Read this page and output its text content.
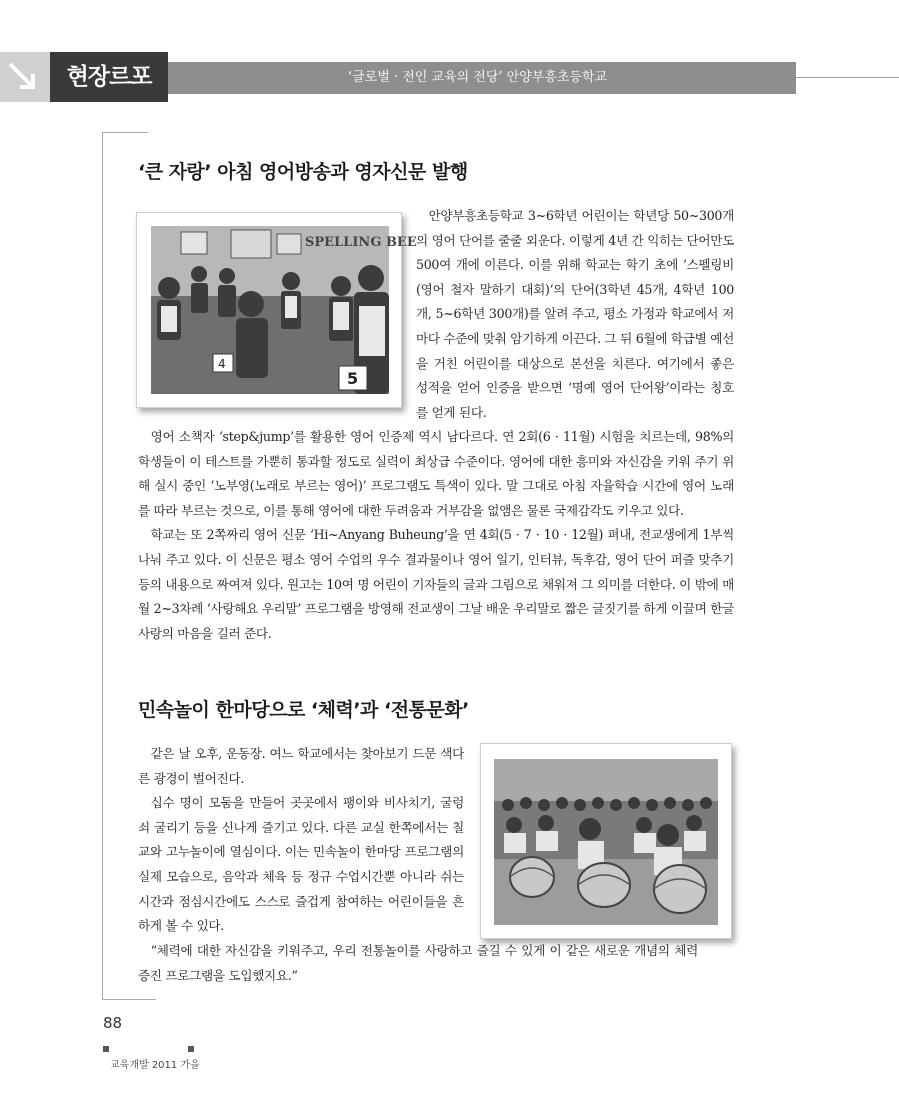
현장르포	‘글로벌 · 전인 교육의 전당’ 안양부흥초등학교
‘큰 자랑’ 아침 영어방송과 영자신문 발행
SPELLING BEE
4
5

안양부흥초등학교 3~6학년 어린이는 학년당 50~300개의 영어 단어를 줄줄 외운다. 이렇게 4년 간 익히는 단어만도 500여 개에 이른다. 이를 위해 학교는 학기 초에 ‘스펠링비(영어 철자 말하기 대회)’의 단어(3학년 45개, 4학년 100개, 5~6학년 300개)를 알려 주고, 평소 가정과 학교에서 저마다 수준에 맞춰 암기하게 이끈다. 그 뒤 6월에 학급별 예선을 거친 어린이를 대상으로 본선을 치른다. 여기에서 좋은 성적을 얻어 인증을 받으면 ‘명예 영어 단어왕’이라는 칭호를 얻게 된다.

영어 소책자 ‘step&jump’를 활용한 영어 인증제 역시 남다르다. 연 2회(6 · 11월) 시험을 치르는데, 98%의 학생들이 이 테스트를 가뿐히 통과할 정도로 실력이 최상급 수준이다. 영어에 대한 흥미와 자신감을 키워 주기 위해 실시 중인 ‘노부영(노래로 부르는 영어)’ 프로그램도 특색이 있다. 말 그대로 아침 자율학습 시간에 영어 노래를 따라 부르는 것으로, 이를 통해 영어에 대한 두려움과 거부감을 없앰은 물론 국제감각도 키우고 있다.

학교는 또 2쪽짜리 영어 신문 ‘Hi~Anyang Buheung’을 연 4회(5 · 7 · 10 · 12월) 펴내, 전교생에게 1부씩 나눠 주고 있다. 이 신문은 평소 영어 수업의 우수 결과물이나 영어 일기, 인터뷰, 독후감, 영어 단어 퍼즐 맞추기 등의 내용으로 짜여져 있다. 원고는 10여 명 어린이 기자들의 글과 그림으로 채워져 그 의미를 더한다. 이 밖에 매월 2~3차례 ‘사랑해요 우리말’ 프로그램을 방영해 전교생이 그날 배운 우리말로 짧은 글짓기를 하게 이끌며 한글 사랑의 마음을 길러 준다.

민속놀이 한마당으로 ‘체력’과 ‘전통문화’

같은 날 오후, 운동장. 여느 학교에서는 찾아보기 드문 색다른 광경이 벌어진다.

십수 명이 모둠을 만들어 곳곳에서 팽이와 비사치기, 굴렁쇠 굴리기 등을 신나게 즐기고 있다. 다른 교실 한쪽에서는 칠교와 고누놀이에 열심이다. 이는 민속놀이 한마당 프로그램의 실제 모습으로, 음악과 체육 등 정규 수업시간뿐 아니라 쉬는 시간과 점심시간에도 스스로 즐겁게 참여하는 어린이들을 흔하게 볼 수 있다.

“체력에 대한 자신감을 키워주고, 우리 전통놀이를 사랑하고 즐길 수 있게 이 같은 새로운 개념의 체력 증진 프로그램을 도입했지요.”

88
교육개발 2011 가을
